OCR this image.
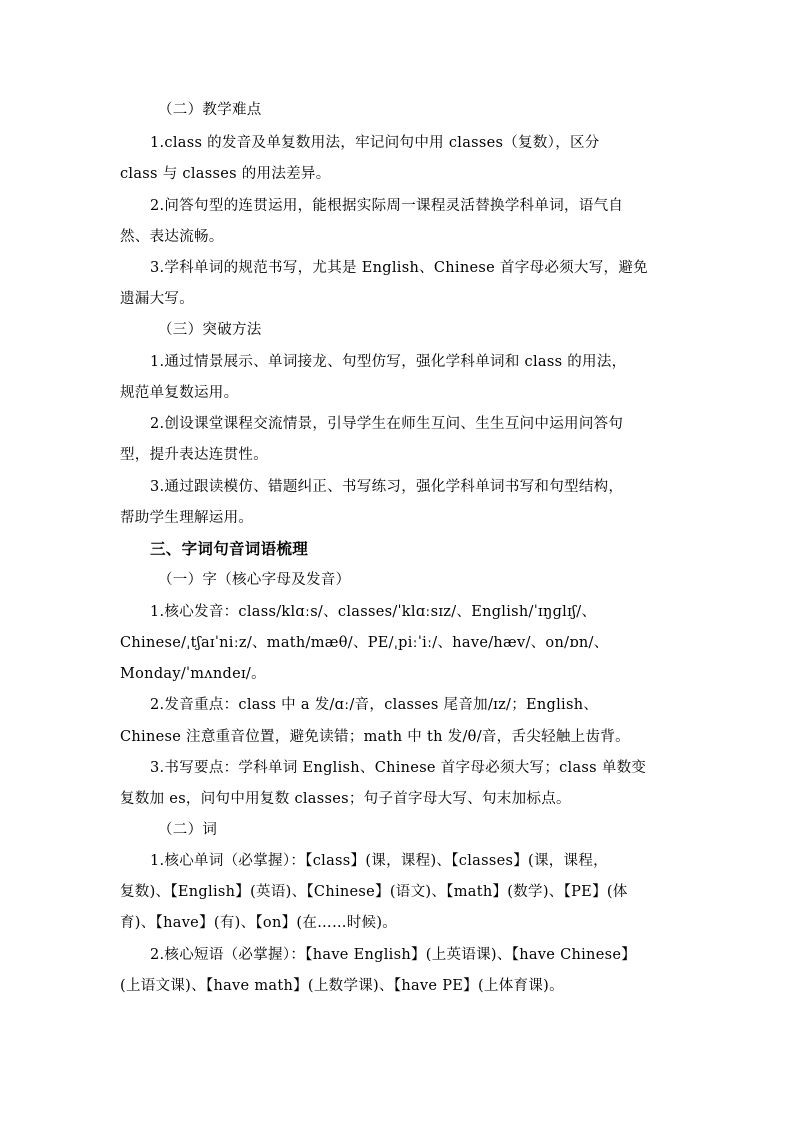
（二）教学难点
1.class 的发音及单复数用法，牢记问句中用 classes（复数），区分
class 与 classes 的用法差异。
2.问答句型的连贯运用，能根据实际周一课程灵活替换学科单词，语气自
然、表达流畅。
3.学科单词的规范书写，尤其是 English、Chinese 首字母必须大写，避免
遗漏大写。
（三）突破方法
1.通过情景展示、单词接龙、句型仿写，强化学科单词和 class 的用法，
规范单复数运用。
2.创设课堂课程交流情景，引导学生在师生互问、生生互问中运用问答句
型，提升表达连贯性。
3.通过跟读模仿、错题纠正、书写练习，强化学科单词书写和句型结构，
帮助学生理解运用。
三、字词句音词语梳理
（一）字（核心字母及发音）
1.核心发音：class/klɑːs/、classes/ˈklɑːsɪz/、English/ˈɪŋɡlɪʃ/、
Chinese/ˌtʃaɪˈniːz/、math/mæθ/、PE/ˌpiːˈiː/、have/hæv/、on/ɒn/、
Monday/ˈmʌndeɪ/。
2.发音重点：class 中 a 发/ɑː/音，classes 尾音加/ɪz/；English、
Chinese 注意重音位置，避免读错；math 中 th 发/θ/音，舌尖轻触上齿背。
3.书写要点：学科单词 English、Chinese 首字母必须大写；class 单数变
复数加 es，问句中用复数 classes；句子首字母大写、句末加标点。
（二）词
1.核心单词（必掌握）：【class】(课，课程)、【classes】(课，课程，
复数)、【English】(英语)、【Chinese】(语文)、【math】(数学)、【PE】(体
育)、【have】(有)、【on】(在……时候)。
2.核心短语（必掌握）：【have English】(上英语课)、【have Chinese】
(上语文课)、【have math】(上数学课)、【have PE】(上体育课)。
